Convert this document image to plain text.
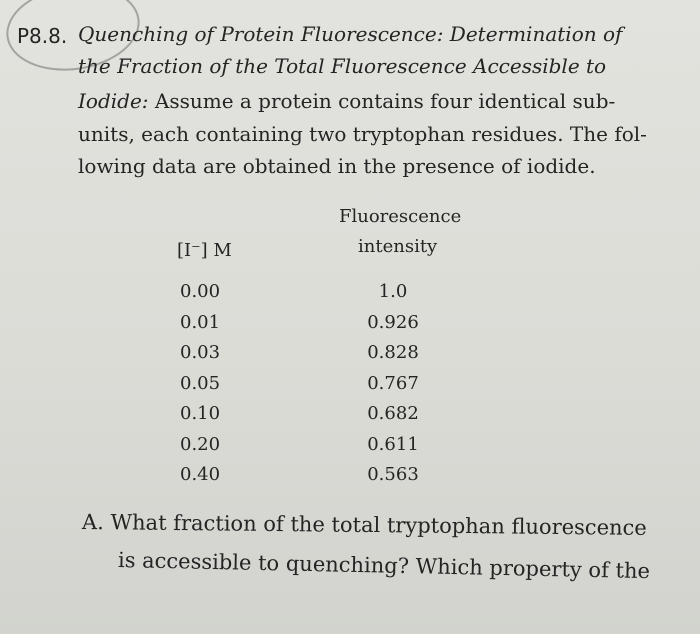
P8.8. Quenching of Protein Fluorescence: Determination of
the Fraction of the Total Fluorescence Accessible to
Iodide: Assume a protein contains four identical sub-
units, each containing two tryptophan residues. The fol-
lowing data are obtained in the presence of iodide.
[I⁻] M
Fluorescence
intensity
0.00
0.01
0.03
0.05
0.10
0.20
0.40
1.0
0.926
0.828
0.767
0.682
0.611
0.563
A. What fraction of the total tryptophan fluorescence
is accessible to quenching? Which property of the
